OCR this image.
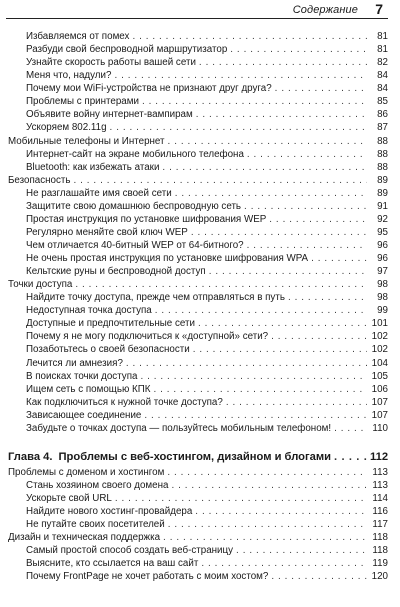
Содержание 7
Избавляемся от помех . . .	81
Разбуди свой беспроводной маршрутизатор . . .	81
Узнайте скорость работы вашей сети . . .	82
Меня что, надули? . . .	84
Почему мои WiFi-устройства не признают друг друга? . . .	84
Проблемы с принтерами . . .	85
Объявите войну интернет-вампирам . . .	86
Ускоряем 802.11g . . .	87
Мобильные телефоны и Интернет . . .	88
Интернет-сайт на экране мобильного телефона . . .	88
Bluetooth: как избежать атаки . . .	88
Безопасность . . .	89
Не разглашайте имя своей сети . . .	89
Защитите свою домашнюю беспроводную сеть . . .	91
Простая инструкция по установке шифрования WEP . . .	92
Регулярно меняйте свой ключ WEP . . .	95
Чем отличается 40-битный WEP от 64-битного? . . .	96
Не очень простая инструкция по установке шифрования WPA . . .	96
Кельтские руны и беспроводной доступ . . .	97
Точки доступа . . .	98
Найдите точку доступа, прежде чем отправляться в путь . . .	98
Недоступная точка доступа . . .	99
Доступные и предпочтительные сети . . .	101
Почему я не могу подключиться к «доступной» сети? . . .	102
Позаботьтесь о своей безопасности . . .	102
Лечится ли амнезия? . . .	104
В поисках точки доступа . . .	105
Ищем сеть с помощью КПК . . .	106
Как подключиться к нужной точке доступа? . . .	107
Зависающее соединение . . .	107
Забудьте о точках доступа — пользуйтесь мобильным телефоном! . . .	110
Глава 4. Проблемы с веб-хостингом, дизайном и блогами . . .	112
Проблемы с доменом и хостингом . . .	113
Стань хозяином своего домена . . .	113
Ускорьте свой URL . . .	114
Найдите нового хостинг-провайдера . . .	116
Не путайте своих посетителей . . .	117
Дизайн и техническая поддержка . . .	118
Самый простой способ создать веб-страницу . . .	118
Выясните, кто ссылается на ваш сайт . . .	119
Почему FrontPage не хочет работать с моим хостом? . . .	120
